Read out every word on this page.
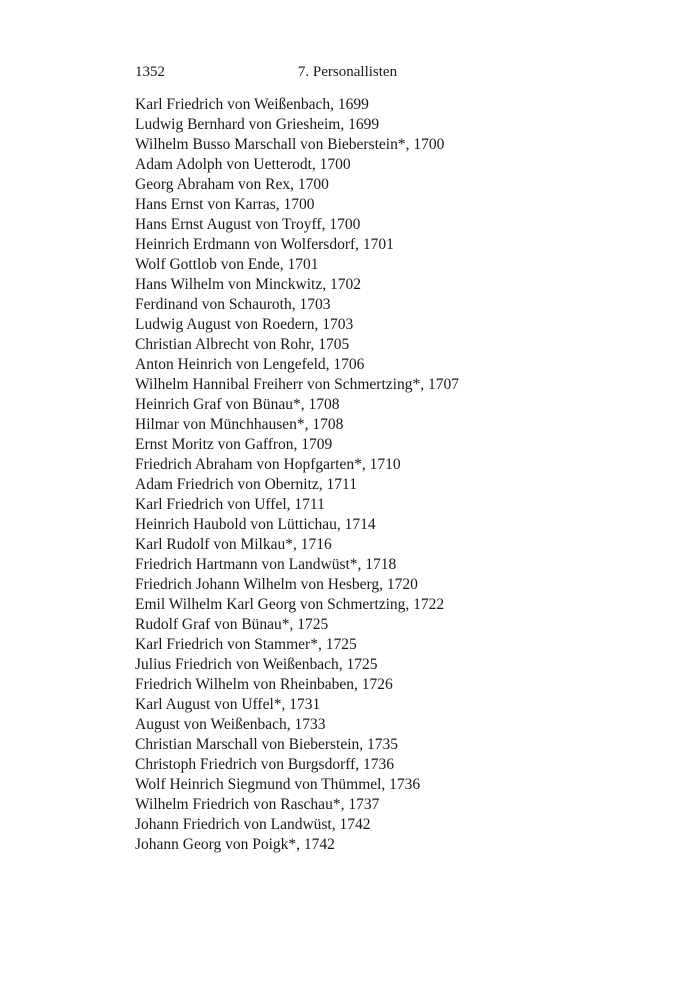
1352	7. Personallisten
Karl Friedrich von Weißenbach, 1699
Ludwig Bernhard von Griesheim, 1699
Wilhelm Busso Marschall von Bieberstein*, 1700
Adam Adolph von Uetterodt, 1700
Georg Abraham von Rex, 1700
Hans Ernst von Karras, 1700
Hans Ernst August von Troyff, 1700
Heinrich Erdmann von Wolfersdorf, 1701
Wolf Gottlob von Ende, 1701
Hans Wilhelm von Minckwitz, 1702
Ferdinand von Schauroth, 1703
Ludwig August von Roedern, 1703
Christian Albrecht von Rohr, 1705
Anton Heinrich von Lengefeld, 1706
Wilhelm Hannibal Freiherr von Schmertzing*, 1707
Heinrich Graf von Bünau*, 1708
Hilmar von Münchhausen*, 1708
Ernst Moritz von Gaffron, 1709
Friedrich Abraham von Hopfgarten*, 1710
Adam Friedrich von Obernitz, 1711
Karl Friedrich von Uffel, 1711
Heinrich Haubold von Lüttichau, 1714
Karl Rudolf von Milkau*, 1716
Friedrich Hartmann von Landwüst*, 1718
Friedrich Johann Wilhelm von Hesberg, 1720
Emil Wilhelm Karl Georg von Schmertzing, 1722
Rudolf Graf von Bünau*, 1725
Karl Friedrich von Stammer*, 1725
Julius Friedrich von Weißenbach, 1725
Friedrich Wilhelm von Rheinbaben, 1726
Karl August von Uffel*, 1731
August von Weißenbach, 1733
Christian Marschall von Bieberstein, 1735
Christoph Friedrich von Burgsdorff, 1736
Wolf Heinrich Siegmund von Thümmel, 1736
Wilhelm Friedrich von Raschau*, 1737
Johann Friedrich von Landwüst, 1742
Johann Georg von Poigk*, 1742
